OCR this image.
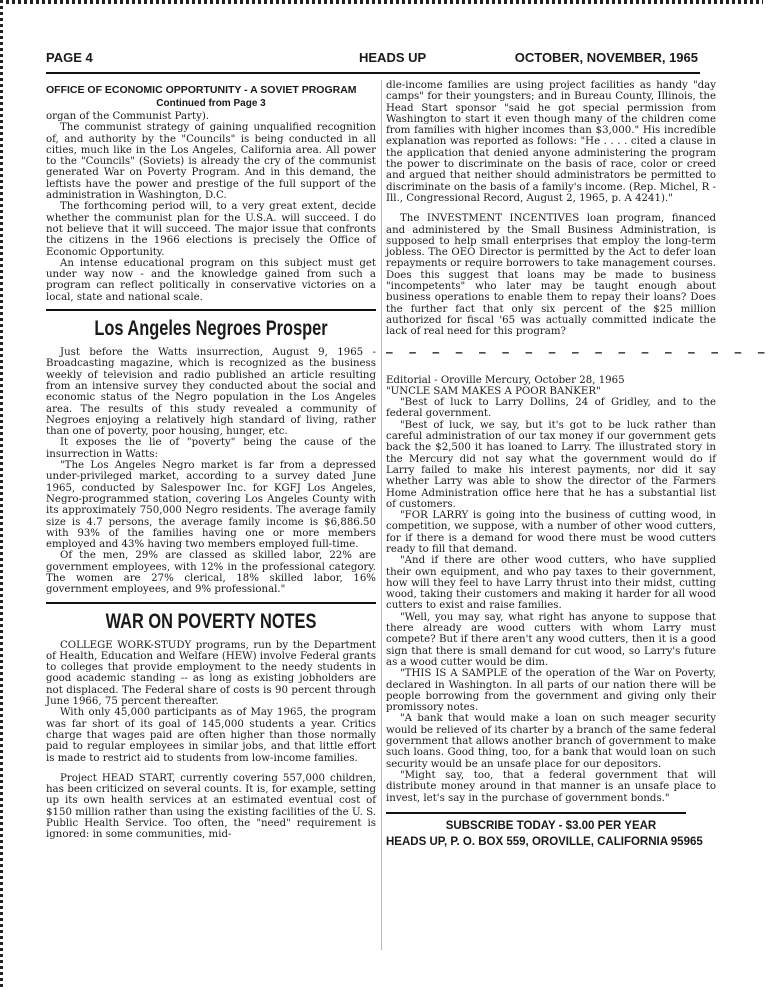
PAGE 4	HEADS UP	OCTOBER, NOVEMBER, 1965
OFFICE OF ECONOMIC OPPORTUNITY - A SOVIET PROGRAM
Continued from Page 3

organ of the Communist Party).

The communist strategy of gaining unqualified recognition of, and authority by the "Councils" is being conducted in all cities, much like in the Los Angeles, California area. All power to the "Councils" (Soviets) is already the cry of the communist generated War on Poverty Program. And in this demand, the leftists have the power and prestige of the full support of the administration in Washington, D.C.

The forthcoming period will, to a very great extent, decide whether the communist plan for the U.S.A. will succeed. I do not believe that it will succeed. The major issue that confronts the citizens in the 1966 elections is precisely the Office of Economic Opportunity.

An intense educational program on this subject must get under way now - and the knowledge gained from such a program can reflect politically in conservative victories on a local, state and national scale.

Los Angeles Negroes Prosper

Just before the Watts insurrection, August 9, 1965 - Broadcasting magazine, which is recognized as the business weekly of television and radio published an article resulting from an intensive survey they conducted about the social and economic status of the Negro population in the Los Angeles area. The results of this study revealed a community of Negroes enjoying a relatively high standard of living, rather than one of poverty, poor housing, hunger, etc.

It exposes the lie of "poverty" being the cause of the insurrection in Watts:

"The Los Angeles Negro market is far from a depressed under-privileged market, according to a survey dated June 1965, conducted by Salespower Inc. for KGFJ Los Angeles, Negro-programmed station, covering Los Angeles County with its approximately 750,000 Negro residents. The average family size is 4.7 persons, the average family income is $6,886.50 with 93% of the families having one or more members employed and 43% having two members employed full-time.

Of the men, 29% are classed as skilled labor, 22% are government employees, with 12% in the professional category. The women are 27% clerical, 18% skilled labor, 16% government employees, and 9% professional."

WAR ON POVERTY NOTES

COLLEGE WORK-STUDY programs, run by the Department of Health, Education and Welfare (HEW) involve Federal grants to colleges that provide employment to the needy students in good academic standing -- as long as existing jobholders are not displaced. The Federal share of costs is 90 percent through June 1966, 75 percent thereafter.

With only 45,000 participants as of May 1965, the program was far short of its goal of 145,000 students a year. Critics charge that wages paid are often higher than those normally paid to regular employees in similar jobs, and that little effort is made to restrict aid to students from low-income families.

Project HEAD START, currently covering 557,000 children, has been criticized on several counts. It is, for example, setting up its own health services at an estimated eventual cost of $150 million rather than using the existing facilities of the U. S. Public Health Service. Too often, the "need" requirement is ignored: in some communities, mid-

dle-income families are using project facilities as handy "day camps" for their youngsters; and in Bureau County, Illinois, the Head Start sponsor "said he got special permission from Washington to start it even though many of the children come from families with higher incomes than $3,000." His incredible explanation was reported as follows: "He . . . . cited a clause in the application that denied anyone administering the program the power to discriminate on the basis of race, color or creed and argued that neither should administrators be permitted to discriminate on the basis of a family's income. (Rep. Michel, R - Ill., Congressional Record, August 2, 1965, p. A 4241)."

The INVESTMENT INCENTIVES loan program, financed and administered by the Small Business Administration, is supposed to help small enterprises that employ the long-term jobless. The OEO Director is permitted by the Act to defer loan repayments or require borrowers to take management courses. Does this suggest that loans may be made to business "incompetents" who later may be taught enough about business operations to enable them to repay their loans? Does the further fact that only six percent of the $25 million authorized for fiscal '65 was actually committed indicate the lack of real need for this program?

— — — — — — — — — — — — — — — — —

Editorial - Oroville Mercury, October 28, 1965

"UNCLE SAM MAKES A POOR BANKER"

"Best of luck to Larry Dollins, 24 of Gridley, and to the federal government.

"Best of luck, we say, but it's got to be luck rather than careful administration of our tax money if our government gets back the $2,500 it has loaned to Larry. The illustrated story in the Mercury did not say what the government would do if Larry failed to make his interest payments, nor did it say whether Larry was able to show the director of the Farmers Home Administration office here that he has a substantial list of customers.

"FOR LARRY is going into the business of cutting wood, in competition, we suppose, with a number of other wood cutters, for if there is a demand for wood there must be wood cutters ready to fill that demand.

"And if there are other wood cutters, who have supplied their own equipment, and who pay taxes to their government, how will they feel to have Larry thrust into their midst, cutting wood, taking their customers and making it harder for all wood cutters to exist and raise families.

"Well, you may say, what right has anyone to suppose that there already are wood cutters with whom Larry must compete? But if there aren't any wood cutters, then it is a good sign that there is small demand for cut wood, so Larry's future as a wood cutter would be dim.

"THIS IS A SAMPLE of the operation of the War on Poverty, declared in Washington. In all parts of our nation there will be people borrowing from the government and giving only their promissory notes.

"A bank that would make a loan on such meager security would be relieved of its charter by a branch of the same federal government that allows another branch of government to make such loans. Good thing, too, for a bank that would loan on such security would be an unsafe place for our depositors.

"Might say, too, that a federal government that will distribute money around in that manner is an unsafe place to invest, let's say in the purchase of government bonds."

SUBSCRIBE TODAY - $3.00 PER YEAR
HEADS UP, P. O. BOX 559, OROVILLE, CALIFORNIA 95965
